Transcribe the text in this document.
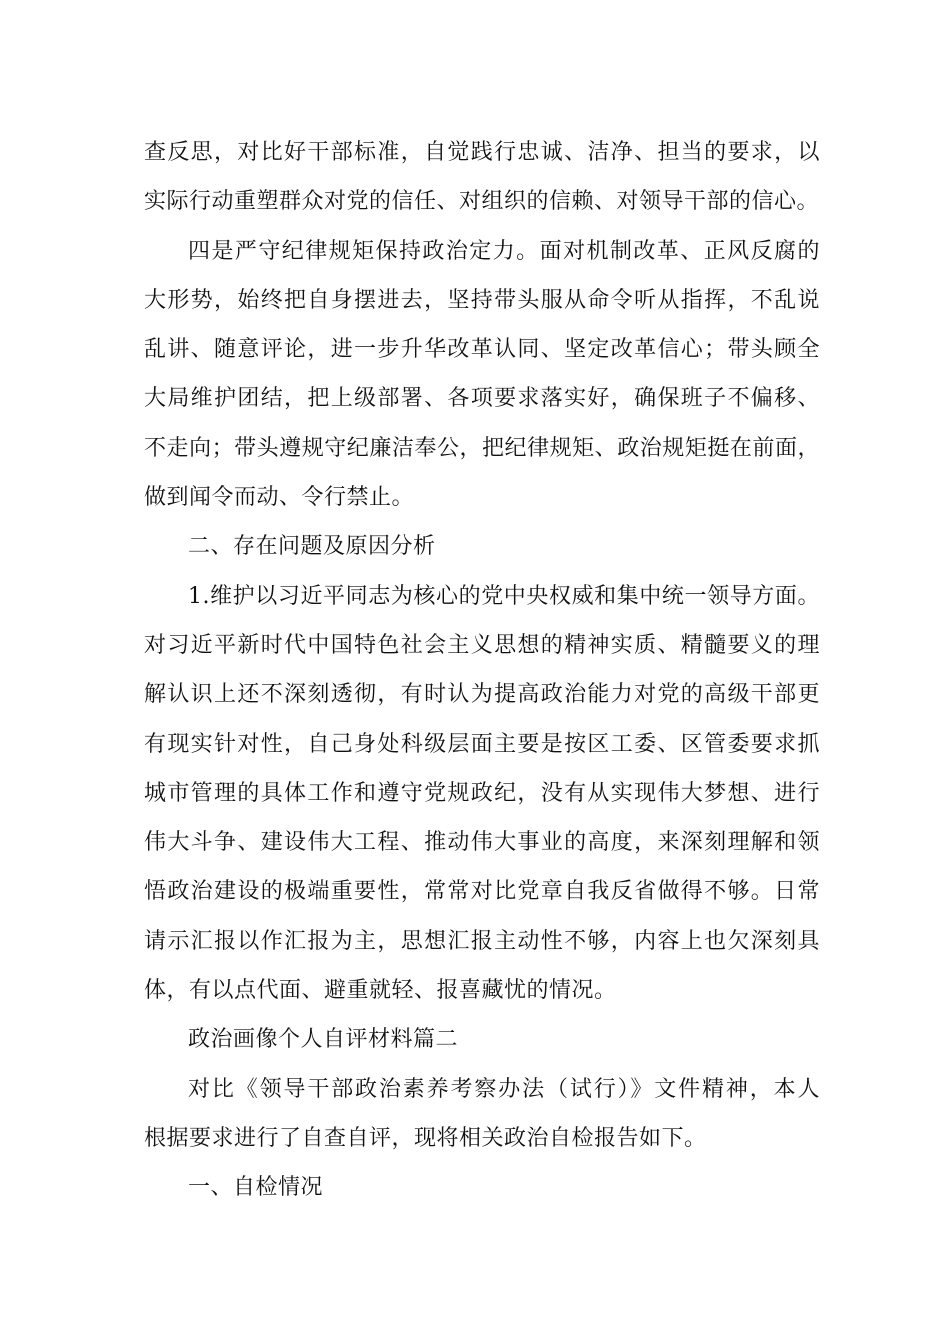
查反思，对比好干部标准，自觉践行忠诚、洁净、担当的要求，以
实际行动重塑群众对党的信任、对组织的信赖、对领导干部的信心。

四是严守纪律规矩保持政治定力。面对机制改革、正风反腐的
大形势，始终把自身摆进去，坚持带头服从命令听从指挥，不乱说
乱讲、随意评论，进一步升华改革认同、坚定改革信心；带头顾全
大局维护团结，把上级部署、各项要求落实好，确保班子不偏移、
不走向；带头遵规守纪廉洁奉公，把纪律规矩、政治规矩挺在前面，
做到闻令而动、令行禁止。

二、存在问题及原因分析

1.维护以习近平同志为核心的党中央权威和集中统一领导方面。
对习近平新时代中国特色社会主义思想的精神实质、精髓要义的理
解认识上还不深刻透彻，有时认为提高政治能力对党的高级干部更
有现实针对性，自己身处科级层面主要是按区工委、区管委要求抓
城市管理的具体工作和遵守党规政纪，没有从实现伟大梦想、进行
伟大斗争、建设伟大工程、推动伟大事业的高度，来深刻理解和领
悟政治建设的极端重要性，常常对比党章自我反省做得不够。日常
请示汇报以作汇报为主，思想汇报主动性不够，内容上也欠深刻具
体，有以点代面、避重就轻、报喜藏忧的情况。

政治画像个人自评材料篇二

对比《领导干部政治素养考察办法（试行）》文件精神，本人
根据要求进行了自查自评，现将相关政治自检报告如下。

一、自检情况
